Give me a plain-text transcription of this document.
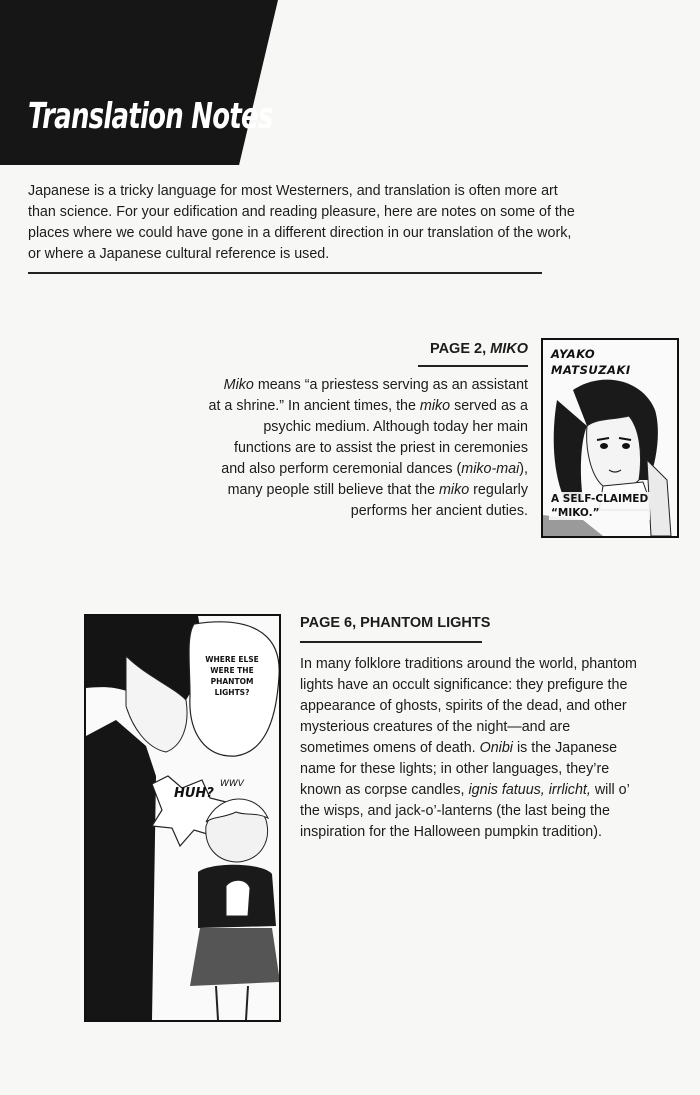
Translation Notes

Japanese is a tricky language for most Westerners, and translation is often more art than science. For your edification and reading pleasure, here are notes on some of the places where we could have gone in a different direction in our translation of the work, or where a Japanese cultural reference is used.

PAGE 2, MIKO

Miko means “a priestess serving as an assistant at a shrine.” In ancient times, the miko served as a psychic medium. Although today her main functions are to assist the priest in ceremonies and also perform ceremonial dances (miko-mai), many people still believe that the miko regularly performs her ancient duties.

AYAKO
MATSUZAKI
A SELF-CLAIMED
“MIKO.”
PAGE 6, PHANTOM LIGHTS

In many folklore traditions around the world, phantom lights have an occult significance: they prefigure the appearance of ghosts, spirits of the dead, and other mysterious creatures of the night—and are sometimes omens of death. Onibi is the Japanese name for these lights; in other languages, they’re known as corpse candles, ignis fatuus, irrlicht, will o’ the wisps, and jack-o’-lanterns (the last being the inspiration for the Halloween pumpkin tradition).

WHERE ELSE WERE THE PHANTOM LIGHTS?
HUH?
WWV
